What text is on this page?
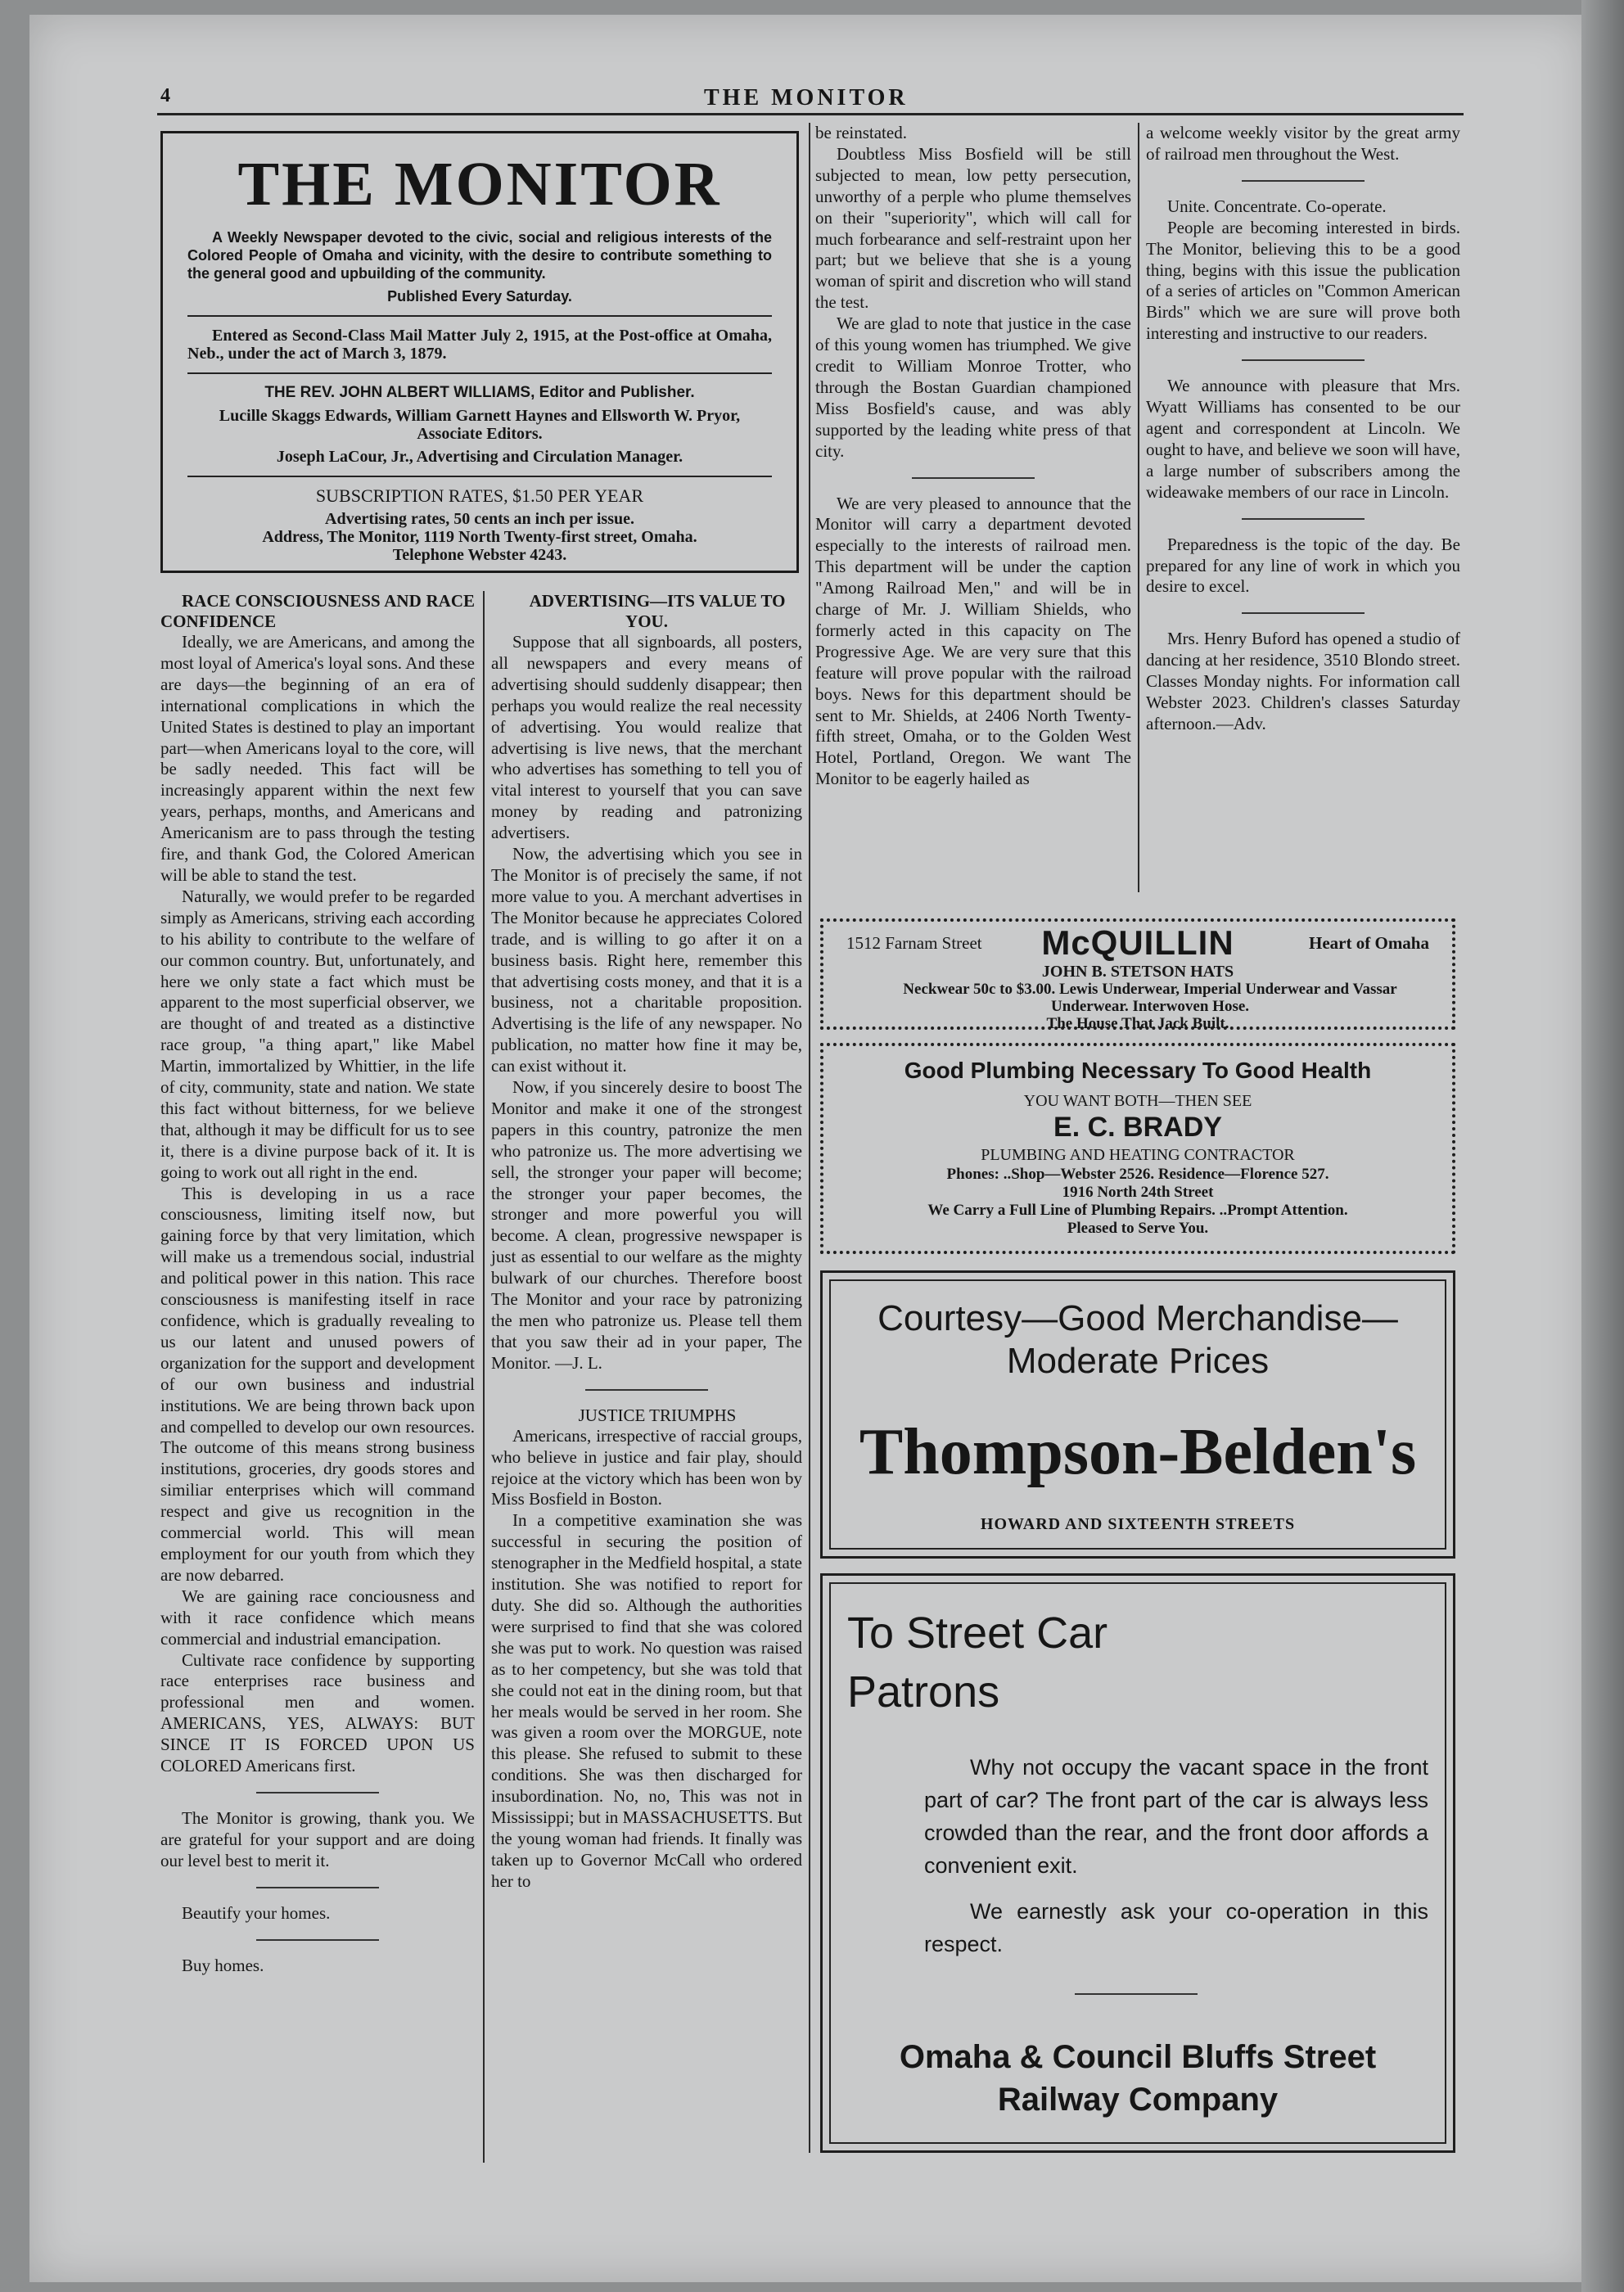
4	THE MONITOR
THE MONITOR

A Weekly Newspaper devoted to the civic, social and religious interests of the Colored People of Omaha and vicinity, with the desire to contribute something to the general good and upbuilding of the community.

Published Every Saturday.

Entered as Second-Class Mail Matter July 2, 1915, at the Post-office at Omaha, Neb., under the act of March 3, 1879.

THE REV. JOHN ALBERT WILLIAMS, Editor and Publisher.
Lucille Skaggs Edwards, William Garnett Haynes and Ellsworth W. Pryor, Associate Editors.
Joseph LaCour, Jr., Advertising and Circulation Manager.
SUBSCRIPTION RATES, $1.50 PER YEAR
Advertising rates, 50 cents an inch per issue.
Address, The Monitor, 1119 North Twenty-first street, Omaha.
Telephone Webster 4243.

RACE CONSCIOUSNESS AND RACE CONFIDENCE

Ideally, we are Americans, and among the most loyal of America's loyal sons. And these are days—the beginning of an era of international complications in which the United States is destined to play an important part—when Americans loyal to the core, will be sadly needed. This fact will be increasingly apparent within the next few years, perhaps, months, and Americans and Americanism are to pass through the testing fire, and thank God, the Colored American will be able to stand the test.

Naturally, we would prefer to be regarded simply as Americans, striving each according to his ability to contribute to the welfare of our common country. But, unfortunately, and here we only state a fact which must be apparent to the most superficial observer, we are thought of and treated as a distinctive race group, "a thing apart," like Mabel Martin, immortalized by Whittier, in the life of city, community, state and nation. We state this fact without bitterness, for we believe that, although it may be difficult for us to see it, there is a divine purpose back of it. It is going to work out all right in the end.

This is developing in us a race consciousness, limiting itself now, but gaining force by that very limitation, which will make us a tremendous social, industrial and political power in this nation. This race consciousness is manifesting itself in race confidence, which is gradually revealing to us our latent and unused powers of organization for the support and development of our own business and industrial institutions. We are being thrown back upon and compelled to develop our own resources. The outcome of this means strong business institutions, groceries, dry goods stores and similiar enterprises which will command respect and give us recognition in the commercial world. This will mean employment for our youth from which they are now debarred.

We are gaining race conciousness and with it race confidence which means commercial and industrial emancipation.

Cultivate race confidence by supporting race enterprises race business and professional men and women. AMERICANS, YES, ALWAYS: BUT SINCE IT IS FORCED UPON US COLORED Americans first.

The Monitor is growing, thank you. We are grateful for your support and are doing our level best to merit it.

Beautify your homes.

Buy homes.

ADVERTISING—ITS VALUE TO YOU.

Suppose that all signboards, all posters, all newspapers and every means of advertising should suddenly disappear; then perhaps you would realize the real necessity of advertising. You would realize that advertising is live news, that the merchant who advertises has something to tell you of vital interest to yourself that you can save money by reading and patronizing advertisers.

Now, the advertising which you see in The Monitor is of precisely the same, if not more value to you. A merchant advertises in The Monitor because he appreciates Colored trade, and is willing to go after it on a business basis. Right here, remember this that advertising costs money, and that it is a business, not a charitable proposition. Advertising is the life of any newspaper. No publication, no matter how fine it may be, can exist without it.

Now, if you sincerely desire to boost The Monitor and make it one of the strongest papers in this country, patronize the men who patronize us. The more advertising we sell, the stronger your paper will become; the stronger your paper becomes, the stronger and more powerful you will become. A clean, progressive newspaper is just as essential to our welfare as the mighty bulwark of our churches. Therefore boost The Monitor and your race by patronizing the men who patronize us. Please tell them that you saw their ad in your paper, The Monitor. —J. L.

JUSTICE TRIUMPHS

Americans, irrespective of raccial groups, who believe in justice and fair play, should rejoice at the victory which has been won by Miss Bosfield in Boston.

In a competitive examination she was successful in securing the position of stenographer in the Medfield hospital, a state institution. She was notified to report for duty. She did so. Although the authorities were surprised to find that she was colored she was put to work. No question was raised as to her competency, but she was told that she could not eat in the dining room, but that her meals would be served in her room. She was given a room over the MORGUE, note this please. She refused to submit to these conditions. She was then discharged for insubordination. No, no, This was not in Mississippi; but in MASSACHUSETTS. But the young woman had friends. It finally was taken up to Governor McCall who ordered her to

be reinstated.

Doubtless Miss Bosfield will be still subjected to mean, low petty persecution, unworthy of a perple who plume themselves on their "superiority", which will call for much forbearance and self-restraint upon her part; but we believe that she is a young woman of spirit and discretion who will stand the test.

We are glad to note that justice in the case of this young women has triumphed. We give credit to William Monroe Trotter, who through the Bostan Guardian championed Miss Bosfield's cause, and was ably supported by the leading white press of that city.

We are very pleased to announce that the Monitor will carry a department devoted especially to the interests of railroad men. This department will be under the caption "Among Railroad Men," and will be in charge of Mr. J. William Shields, who formerly acted in this capacity on The Progressive Age. We are very sure that this feature will prove popular with the railroad boys. News for this department should be sent to Mr. Shields, at 2406 North Twenty-fifth street, Omaha, or to the Golden West Hotel, Portland, Oregon. We want The Monitor to be eagerly hailed as

a welcome weekly visitor by the great army of railroad men throughout the West.

Unite. Concentrate. Co-operate.

People are becoming interested in birds. The Monitor, believing this to be a good thing, begins with this issue the publication of a series of articles on "Common American Birds" which we are sure will prove both interesting and instructive to our readers.

We announce with pleasure that Mrs. Wyatt Williams has consented to be our agent and correspondent at Lincoln. We ought to have, and believe we soon will have, a large number of subscribers among the wideawake members of our race in Lincoln.

Preparedness is the topic of the day. Be prepared for any line of work in which you desire to excel.

Mrs. Henry Buford has opened a studio of dancing at her residence, 3510 Blondo street. Classes Monday nights. For information call Webster 2023. Children's classes Saturday afternoon.—Adv.

1512 Farnam Street	McQUILLIN	Heart of Omaha
JOHN B. STETSON HATS
Neckwear 50c to $3.00. Lewis Underwear, Imperial Underwear and Vassar Underwear. Interwoven Hose.
The House That Jack Built.
Good Plumbing Necessary To Good Health
YOU WANT BOTH—THEN SEE
E. C. BRADY
PLUMBING AND HEATING CONTRACTOR
Phones: ..Shop—Webster 2526. Residence—Florence 527.
1916 North 24th Street
We Carry a Full Line of Plumbing Repairs. ..Prompt Attention.
Pleased to Serve You.
Courtesy—Good Merchandise—
Moderate Prices
Thompson-Belden's
HOWARD AND SIXTEENTH STREETS
To Street Car
Patrons
Why not occupy the vacant space in the front part of car? The front part of the car is always less crowded than the rear, and the front door affords a convenient exit.
We earnestly ask your co-operation in this respect.
Omaha & Council Bluffs Street
Railway Company
